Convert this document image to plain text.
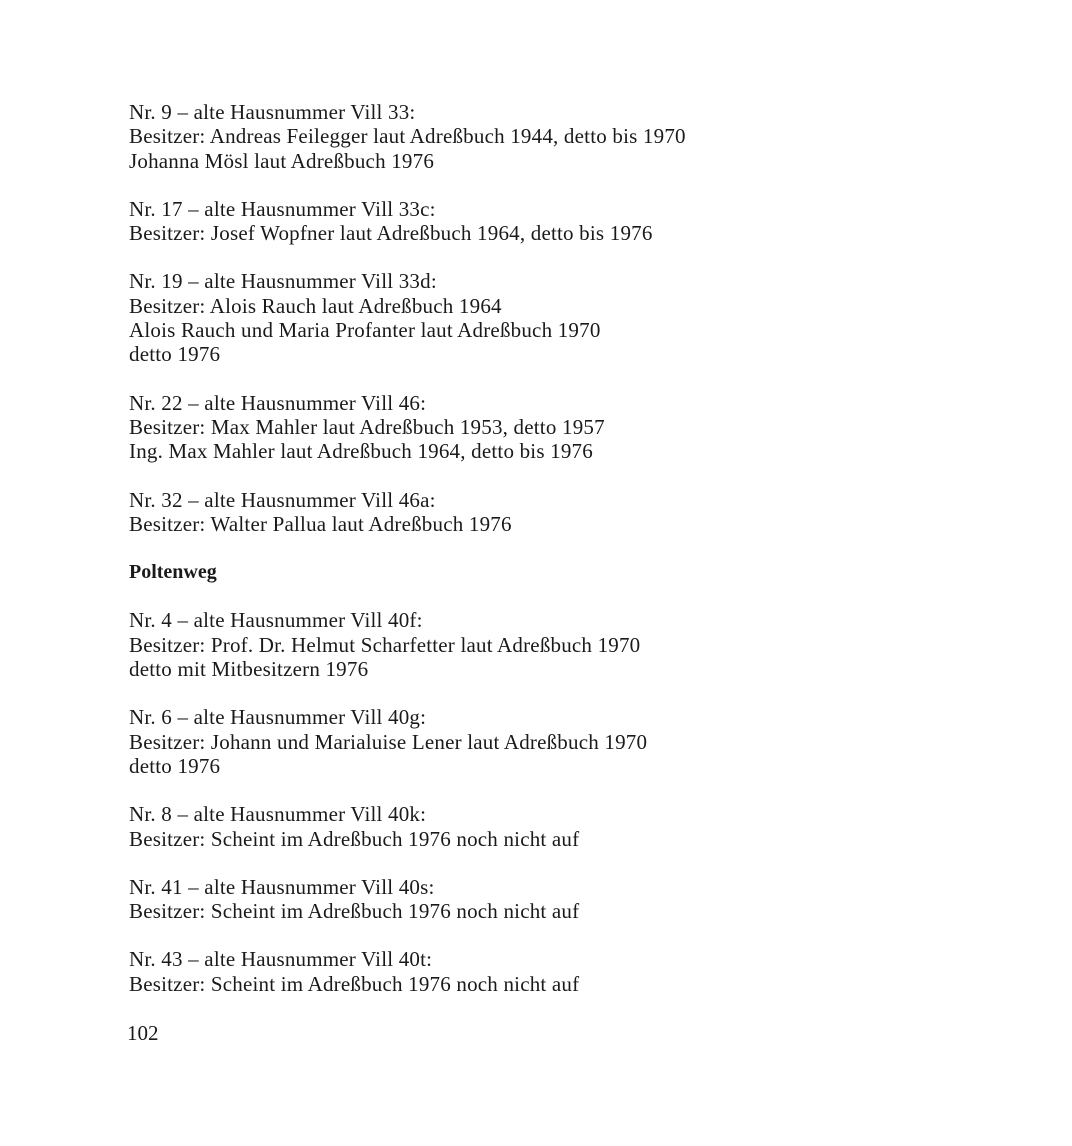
Nr. 9 – alte Hausnummer Vill 33:
Besitzer: Andreas Feilegger laut Adreßbuch 1944, detto bis 1970
Johanna Mösl laut Adreßbuch 1976
Nr. 17 – alte Hausnummer Vill 33c:
Besitzer: Josef Wopfner laut Adreßbuch 1964, detto bis 1976
Nr. 19 – alte Hausnummer Vill 33d:
Besitzer: Alois Rauch laut Adreßbuch 1964
Alois Rauch und Maria Profanter laut Adreßbuch 1970
detto 1976
Nr. 22 – alte Hausnummer Vill 46:
Besitzer: Max Mahler laut Adreßbuch 1953, detto 1957
Ing. Max Mahler laut Adreßbuch 1964, detto bis 1976
Nr. 32 – alte Hausnummer Vill 46a:
Besitzer: Walter Pallua laut Adreßbuch 1976
Poltenweg
Nr. 4 – alte Hausnummer Vill 40f:
Besitzer: Prof. Dr. Helmut Scharfetter laut Adreßbuch 1970
detto mit Mitbesitzern 1976
Nr. 6 – alte Hausnummer Vill 40g:
Besitzer: Johann und Marialuise Lener laut Adreßbuch 1970
detto 1976
Nr. 8 – alte Hausnummer Vill 40k:
Besitzer: Scheint im Adreßbuch 1976 noch nicht auf
Nr. 41 – alte Hausnummer Vill 40s:
Besitzer: Scheint im Adreßbuch 1976 noch nicht auf
Nr. 43 – alte Hausnummer Vill 40t:
Besitzer: Scheint im Adreßbuch 1976 noch nicht auf
102
